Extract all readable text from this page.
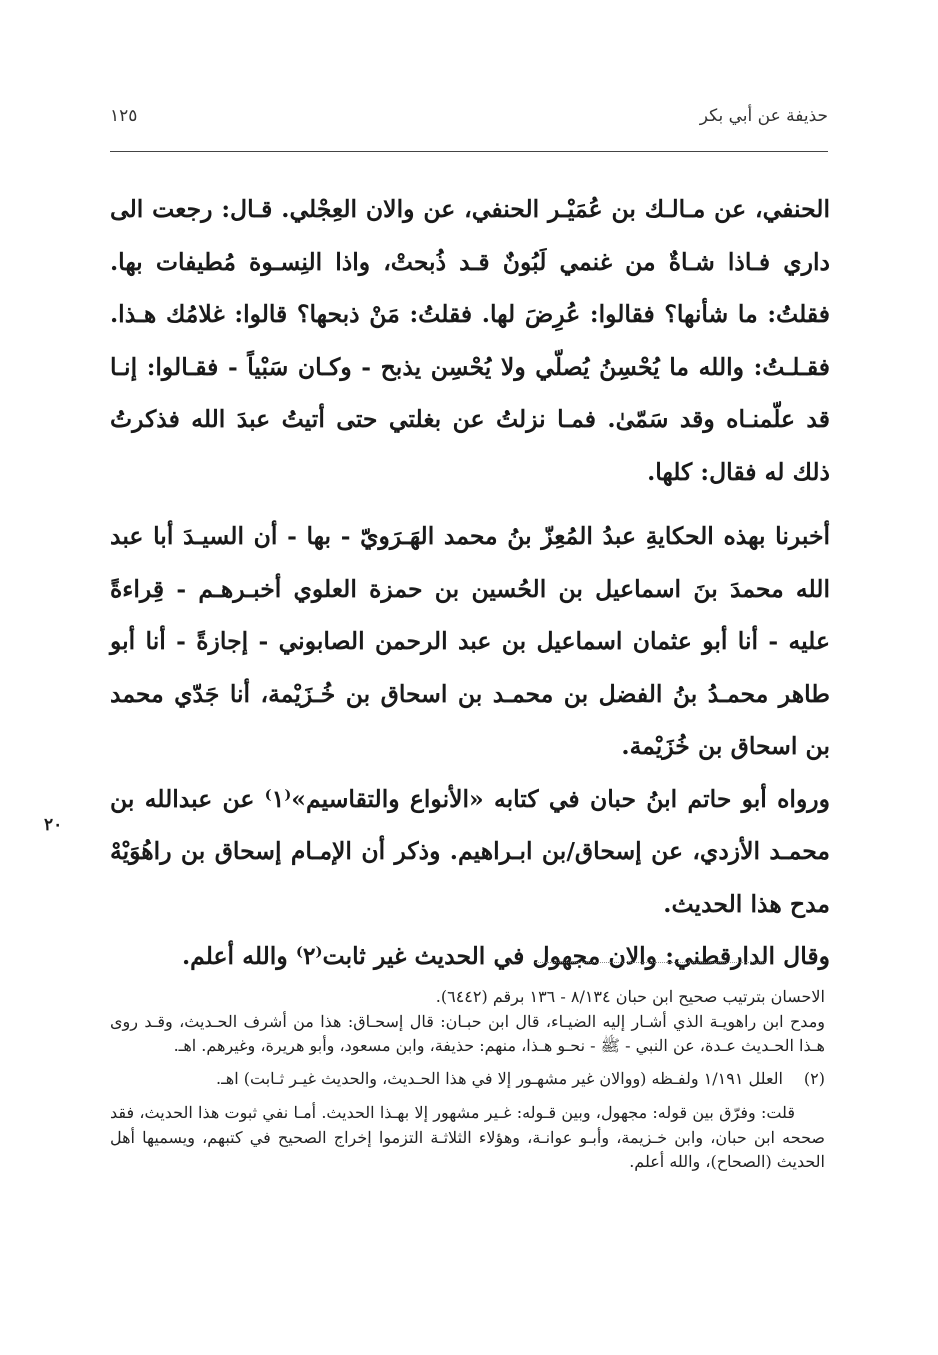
حذيفة عن أبي بكر
١٢٥

الحنفي، عن مـالـك بن عُمَيْـر الحنفي، عن والان العِجْلي. قـال: رجعت الى داري فـاذا شـاةٌ من غنمي لَبُونٌ قـد ذُبحتْ، واذا النِسـوة مُطيفات بها. فقلتُ: ما شأنها؟ فقالوا: عُرِضَ لها. فقلتُ: مَنْ ذبحها؟ قالوا: غلامُك هـذا. فقـلـتُ: والله ما يُحْسِنُ يُصلّي ولا يُحْسِن يذبح - وكـان سَبْياً - فقـالوا: إنـا قد علّمنـاه وقد سَمّىٰ. فمـا نزلتُ عن بغلتي حتى أتيتُ عبدَ الله فذكرتُ ذلك له فقال: كلها.

أخبرنا بهذه الحكايةِ عبدُ المُعِزّ بنُ محمد الهَـرَويّ - بها - أن السيـدَ أبا عبد الله محمدَ بنَ اسماعيل بن الحُسين بن حمزة العلوي أخبـرهـم - قِراءةً عليه - أنا أبو عثمان اسماعيل بن عبد الرحمن الصابوني - إجازةً - أنا أبو طاهر محمـدُ بنُ الفضل بن محمـد بن اسحاق بن خُـزَيْمة، أنا جَدّي محمد بن اسحاق بن خُزَيْمة.

ورواه أبو حاتم ابنُ حبان في كتابه «الأنواع والتقاسيم»⁽١⁾ عن عبدالله بن محمـد الأزدي، عن إسحاق/بن ابـراهيم. وذكر أن الإمـام إسحاق بن راهُوَيْهْ مدح هذا الحديث.

وقال الدارقطني: والان مجهول في الحديث غير ثابت⁽٢⁾ والله أعلم.

٢٠

الاحسان بترتيب صحيح ابن حبان ٨/١٣٤ - ١٣٦ برقم (٦٤٤٢).

ومدح ابن راهويـة الذي أشـار إليه الضيـاء، قال ابن حبـان: قال إسحـاق: هذا من أشرف الحـديث، وقـد روى هـذا الحـديث عـدة، عن النبي - ﷺ - نحـو هـذا، منهم: حذيفة، وابن مسعود، وأبو هريرة، وغيرهم. اهـ.

(٢)
العلل ١/١٩١ ولفـظه (ووالان غير مشهـور إلا في هذا الحـديث، والحديث غيـر ثـابت) اهـ.

قلت: وفرّق بين قوله: مجهول، وبين قـوله: غـير مشهور إلا بهـذا الحديث. أمـا نفي ثبوت هذا الحديث، فقد صححه ابن حبان، وابن خـزيمة، وأبـو عوانـة، وهؤلاء الثلاثـة التزموا إخراج الصحيح في كتبهم، ويسميها أهل الحديث (الصحاح)، والله أعلم.
